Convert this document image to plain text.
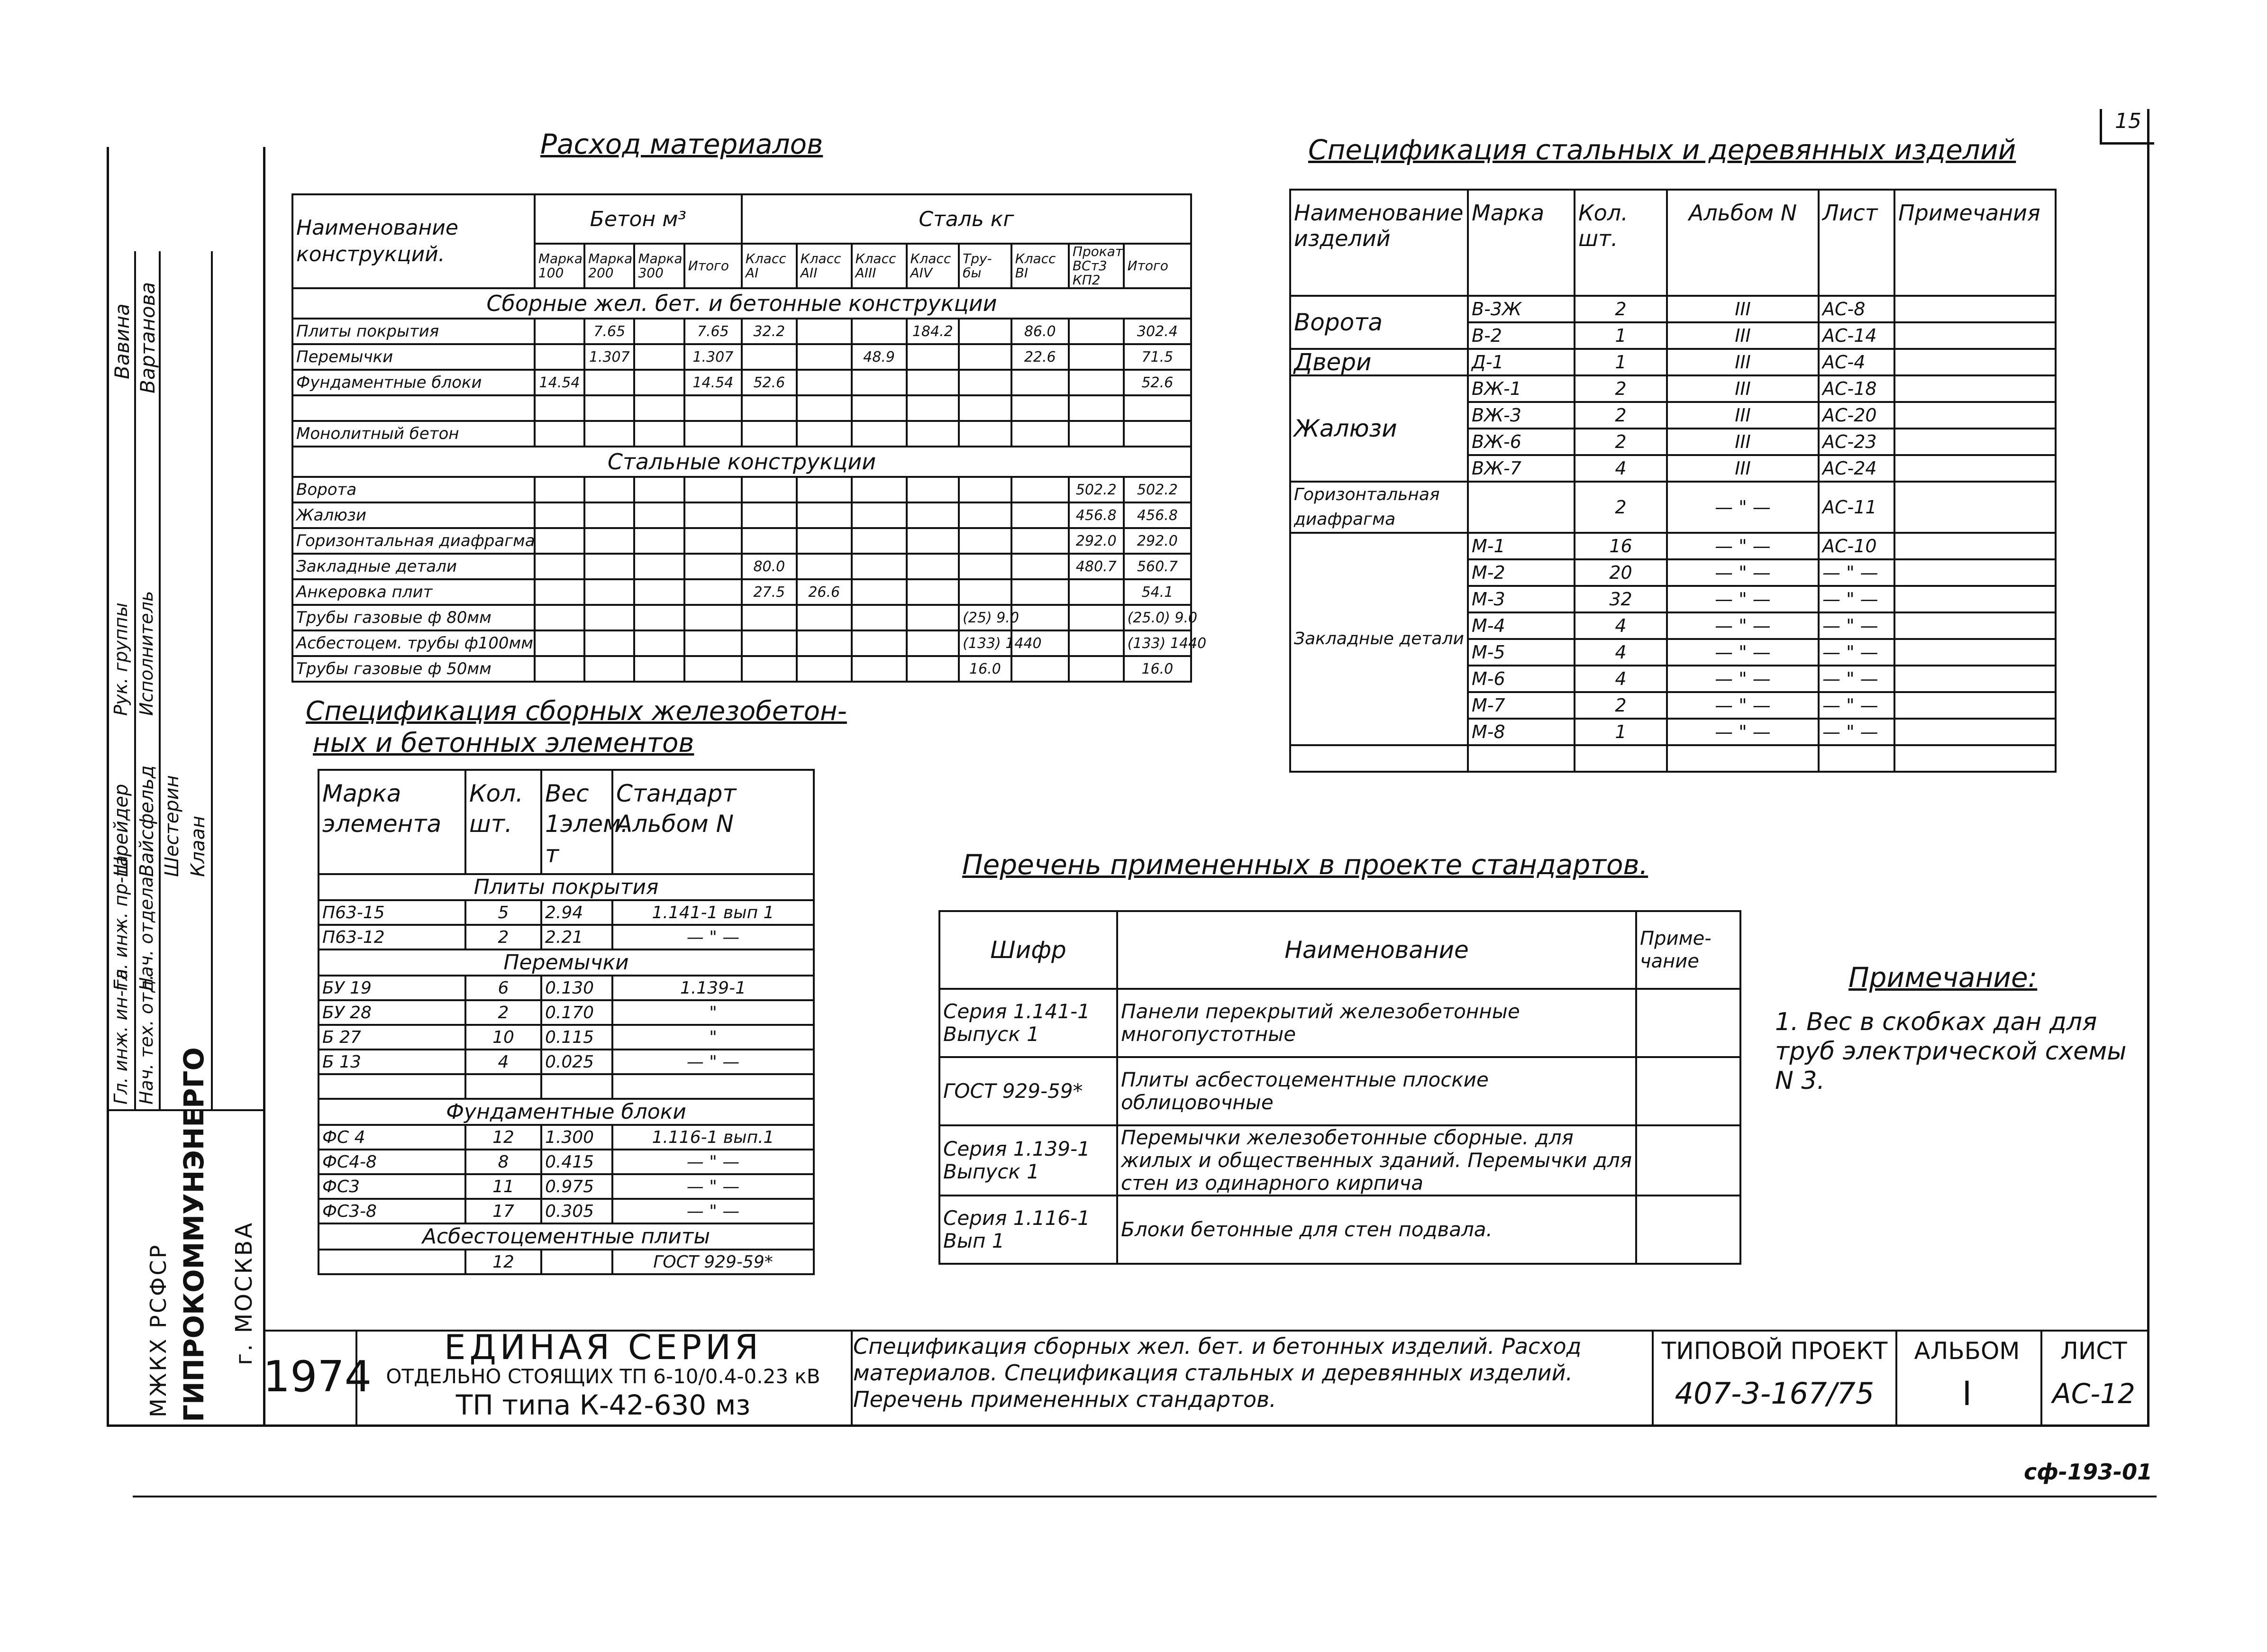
15
Расход материалов
Наименование конструкций.	Бетон м³				Сталь кг							
	Марка 100	Марка 200	Марка 300	Итого	Класс АI	Класс АII	Класс АIII	Класс АIV	Тру-бы	Класс ВI	Прокат ВСт3 КП2	Итого
Сборные жел. бет. и бетонные конструкции												
Плиты покрытия		7.65		7.65	32.2			184.2		86.0		302.4
Перемычки		1.307		1.307			48.9			22.6		71.5
Фундаментные блоки	14.54			14.54	52.6							52.6

Монолитный бетон												
Стальные конструкции												
Ворота											502.2	502.2
Жалюзи											456.8	456.8
Горизонтальная диафрагма											292.0	292.0
Закладные детали					80.0						480.7	560.7
Анкеровка плит					27.5	26.6						54.1
Трубы газовые ф 80мм									(25) 9.0			(25.0) 9.0
Асбестоцем. трубы ф100мм									(133) 1440			(133) 1440
Трубы газовые ф 50мм									16.0			16.0
Спецификация стальных и деревянных изделий
Наименование изделий	Марка	Кол. шт.	Альбом N	Лист	Примечания
Ворота	В-3Ж	2	III	АС-8	
	В-2	1	III	АС-14	
Двери	Д-1	1	III	АС-4	
Жалюзи	ВЖ-1	2	III	АС-18	
	ВЖ-3	2	III	АС-20	
	ВЖ-6	2	III	АС-23	
	ВЖ-7	4	III	АС-24	
Горизонтальная диафрагма		2	— " —	АС-11	
Закладные детали	М-1	16	— " —	АС-10	
	М-2	20	— " —	— " —	
	М-3	32	— " —	— " —	
	М-4	4	— " —	— " —	
	М-5	4	— " —	— " —	
	М-6	4	— " —	— " —	
	М-7	2	— " —	— " —	
	М-8	1	— " —	— " —	

Спецификация сборных железобетон-
ных и бетонных элементов
Марка элемента	Кол. шт.	Вес 1элем. т	Стандарт Альбом N
Плиты покрытия			
П63-15	5	2.94	1.141-1 вып 1
П63-12	2	2.21	— " —
Перемычки			
БУ 19	6	0.130	1.139-1
БУ 28	2	0.170	"
Б 27	10	0.115	"
Б 13	4	0.025	— " —

Фундаментные блоки			
ФС 4	12	1.300	1.116-1 вып.1
ФС4-8	8	0.415	— " —
ФС3	11	0.975	— " —
ФС3-8	17	0.305	— " —
Асбестоцементные плиты			
	12		ГОСТ 929-59*
Перечень примененных в проекте стандартов.
Шифр	Наименование	Приме-чание
Серия 1.141-1 Выпуск 1	Панели перекрытий железобетонные многопустотные	
ГОСТ 929-59*	Плиты асбестоцементные плоские облицовочные	
Серия 1.139-1 Выпуск 1	Перемычки железобетонные сборные. для жилых и общественных зданий. Перемычки для стен из одинарного кирпича	
Серия 1.116-1 Вып 1	Блоки бетонные для стен подвала.	
Примечание:
1. Вес в скобках дан для труб электрической схемы N 3.
Гл. инж. ин-та Нач. тех. отд.
Гл. инж. пр-та Нач. отдела
Рук. группы Исполнитель
Шрейдер Вайсфельд Шестерин Клаан
Вавина Вартанова
МЖКХ РСФСР ГИПРОКОММУНЭНЕРГО г. МОСКВА
1974
ЕДИНАЯ СЕРИЯ
ОТДЕЛЬНО СТОЯЩИХ ТП 6-10/0.4-0.23 кВ
ТП типа К-42-630 мз
Спецификация сборных жел. бет. и бетонных изделий. Расход материалов. Спецификация стальных и деревянных изделий. Перечень примененных стандартов.
ТИПОВОЙ ПРОЕКТ
407-3-167/75
АЛЬБОМ
I
ЛИСТ
АС-12
сф-193-01
